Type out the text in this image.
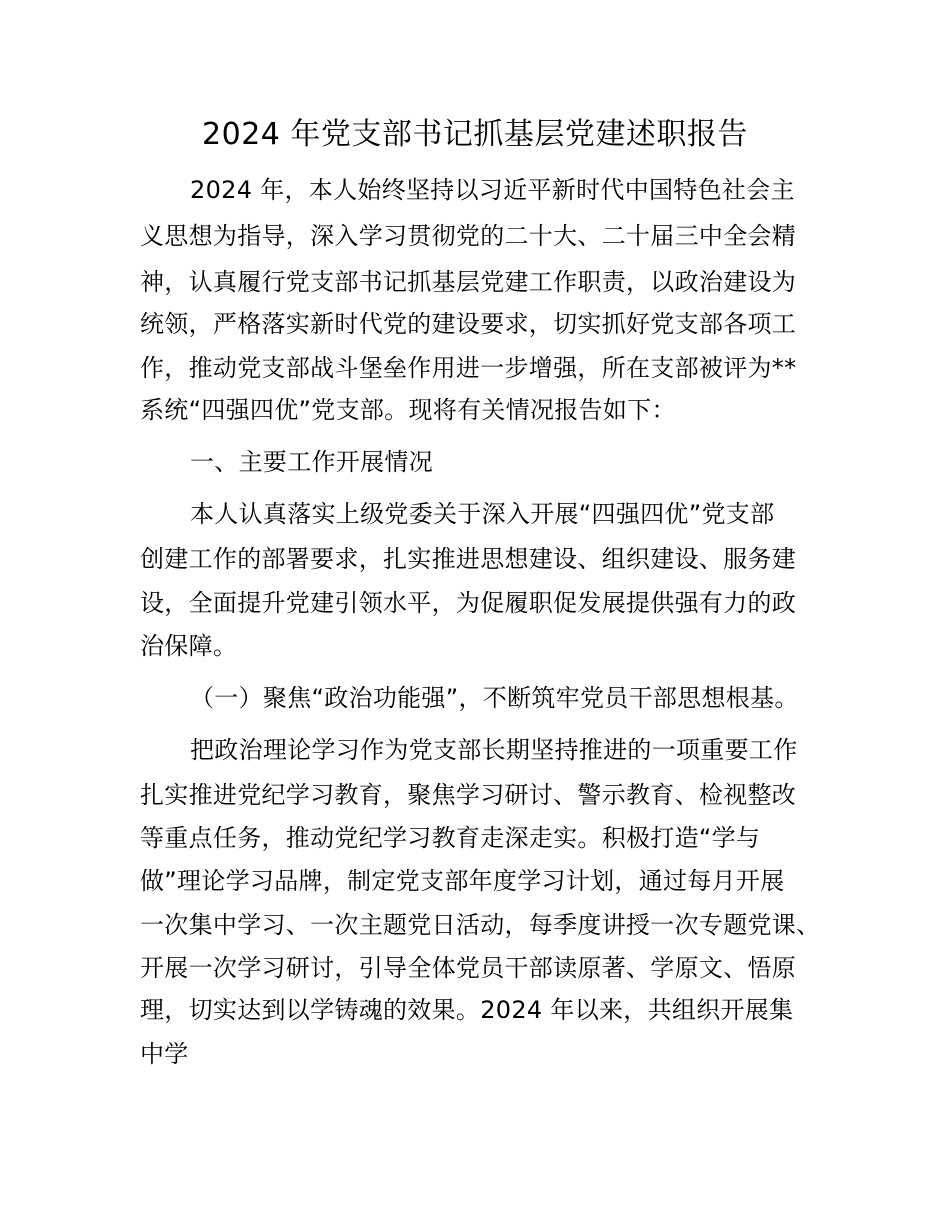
2024 年党支部书记抓基层党建述职报告
2024 年，本人始终坚持以习近平新时代中国特色社会主
义思想为指导，深入学习贯彻党的二十大、二十届三中全会精
神，认真履行党支部书记抓基层党建工作职责，以政治建设为
统领，严格落实新时代党的建设要求，切实抓好党支部各项工
作，推动党支部战斗堡垒作用进一步增强，所在支部被评为**
系统“四强四优”党支部。现将有关情况报告如下：
一、主要工作开展情况
本人认真落实上级党委关于深入开展“四强四优”党支部
创建工作的部署要求，扎实推进思想建设、组织建设、服务建
设，全面提升党建引领水平，为促履职促发展提供强有力的政
治保障。
（一）聚焦“政治功能强”，不断筑牢党员干部思想根基。
把政治理论学习作为党支部长期坚持推进的一项重要工作
扎实推进党纪学习教育，聚焦学习研讨、警示教育、检视整改
等重点任务，推动党纪学习教育走深走实。积极打造“学与
做”理论学习品牌，制定党支部年度学习计划，通过每月开展
一次集中学习、一次主题党日活动，每季度讲授一次专题党课、
开展一次学习研讨，引导全体党员干部读原著、学原文、悟原
理，切实达到以学铸魂的效果。2024 年以来，共组织开展集
中学
